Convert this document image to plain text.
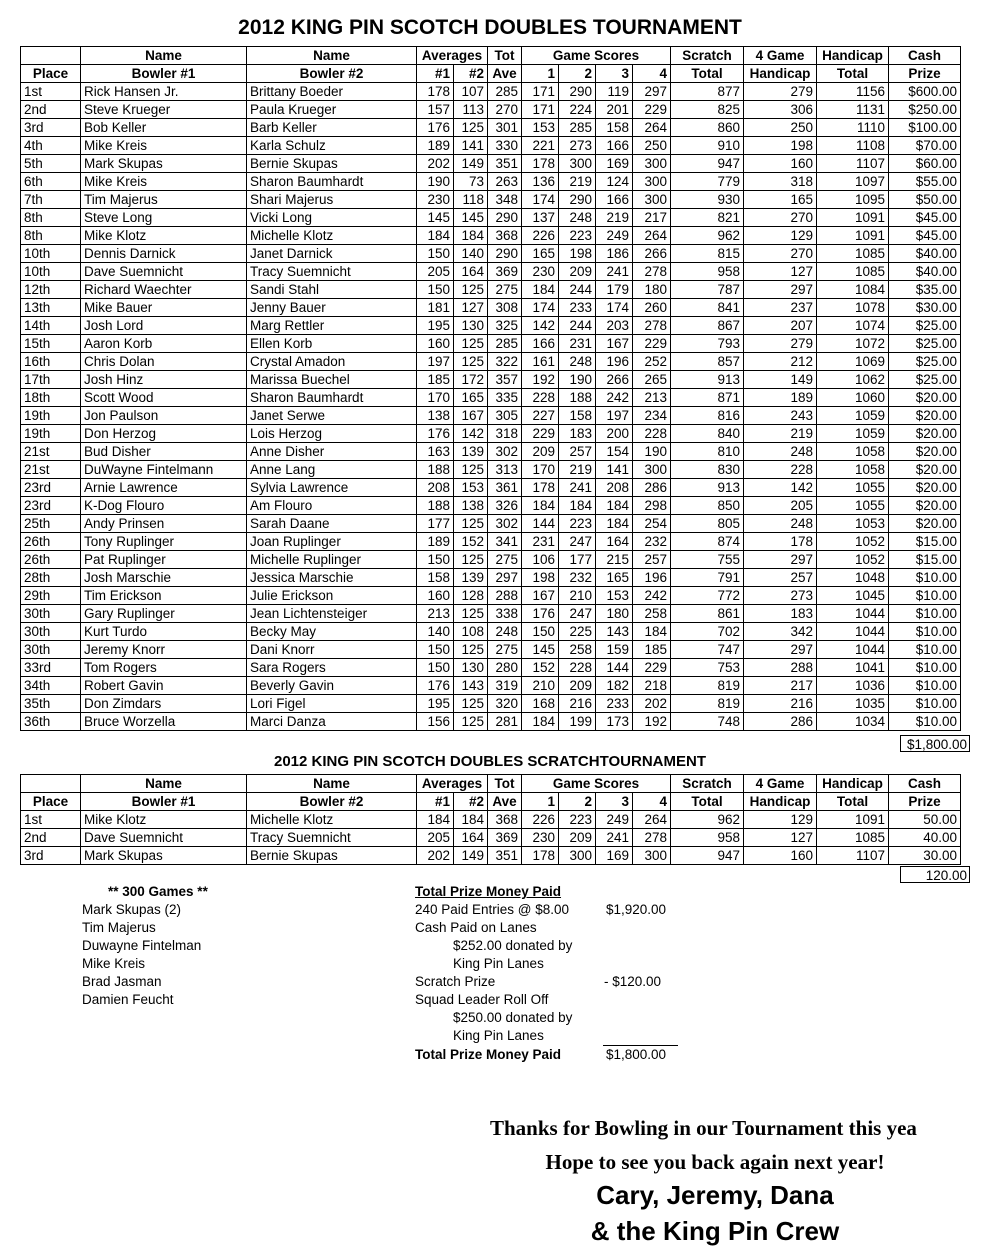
2012 KING PIN SCOTCH DOUBLES TOURNAMENT
	Name	Name	Averages		Tot	Game Scores				Scratch	4 Game	Handicap	Cash
Place	Bowler #1	Bowler #2	#1	#2	Ave	1	2	3	4	Total	Handicap	Total	Prize
1st	Rick Hansen Jr.	Brittany Boeder	178	107	285	171	290	119	297	877	279	1156	$600.00
2nd	Steve Krueger	Paula Krueger	157	113	270	171	224	201	229	825	306	1131	$250.00
3rd	Bob Keller	Barb Keller	176	125	301	153	285	158	264	860	250	1110	$100.00
4th	Mike Kreis	Karla Schulz	189	141	330	221	273	166	250	910	198	1108	$70.00
5th	Mark Skupas	Bernie Skupas	202	149	351	178	300	169	300	947	160	1107	$60.00
6th	Mike Kreis	Sharon Baumhardt	190	73	263	136	219	124	300	779	318	1097	$55.00
7th	Tim Majerus	Shari Majerus	230	118	348	174	290	166	300	930	165	1095	$50.00
8th	Steve Long	Vicki Long	145	145	290	137	248	219	217	821	270	1091	$45.00
8th	Mike Klotz	Michelle Klotz	184	184	368	226	223	249	264	962	129	1091	$45.00
10th	Dennis Darnick	Janet Darnick	150	140	290	165	198	186	266	815	270	1085	$40.00
10th	Dave Suemnicht	Tracy Suemnicht	205	164	369	230	209	241	278	958	127	1085	$40.00
12th	Richard Waechter	Sandi Stahl	150	125	275	184	244	179	180	787	297	1084	$35.00
13th	Mike Bauer	Jenny Bauer	181	127	308	174	233	174	260	841	237	1078	$30.00
14th	Josh Lord	Marg Rettler	195	130	325	142	244	203	278	867	207	1074	$25.00
15th	Aaron Korb	Ellen Korb	160	125	285	166	231	167	229	793	279	1072	$25.00
16th	Chris Dolan	Crystal Amadon	197	125	322	161	248	196	252	857	212	1069	$25.00
17th	Josh Hinz	Marissa Buechel	185	172	357	192	190	266	265	913	149	1062	$25.00
18th	Scott Wood	Sharon Baumhardt	170	165	335	228	188	242	213	871	189	1060	$20.00
19th	Jon Paulson	Janet Serwe	138	167	305	227	158	197	234	816	243	1059	$20.00
19th	Don Herzog	Lois Herzog	176	142	318	229	183	200	228	840	219	1059	$20.00
21st	Bud Disher	Anne Disher	163	139	302	209	257	154	190	810	248	1058	$20.00
21st	DuWayne Fintelmann	Anne Lang	188	125	313	170	219	141	300	830	228	1058	$20.00
23rd	Arnie Lawrence	Sylvia Lawrence	208	153	361	178	241	208	286	913	142	1055	$20.00
23rd	K-Dog Flouro	Am Flouro	188	138	326	184	184	184	298	850	205	1055	$20.00
25th	Andy Prinsen	Sarah Daane	177	125	302	144	223	184	254	805	248	1053	$20.00
26th	Tony Ruplinger	Joan Ruplinger	189	152	341	231	247	164	232	874	178	1052	$15.00
26th	Pat Ruplinger	Michelle Ruplinger	150	125	275	106	177	215	257	755	297	1052	$15.00
28th	Josh Marschie	Jessica Marschie	158	139	297	198	232	165	196	791	257	1048	$10.00
29th	Tim Erickson	Julie Erickson	160	128	288	167	210	153	242	772	273	1045	$10.00
30th	Gary Ruplinger	Jean Lichtensteiger	213	125	338	176	247	180	258	861	183	1044	$10.00
30th	Kurt Turdo	Becky May	140	108	248	150	225	143	184	702	342	1044	$10.00
30th	Jeremy Knorr	Dani Knorr	150	125	275	145	258	159	185	747	297	1044	$10.00
33rd	Tom Rogers	Sara Rogers	150	130	280	152	228	144	229	753	288	1041	$10.00
34th	Robert Gavin	Beverly Gavin	176	143	319	210	209	182	218	819	217	1036	$10.00
35th	Don Zimdars	Lori Figel	195	125	320	168	216	233	202	819	216	1035	$10.00
36th	Bruce Worzella	Marci Danza	156	125	281	184	199	173	192	748	286	1034	$10.00
$1,800.00
2012 KING PIN SCOTCH DOUBLES SCRATCHTOURNAMENT
	Name	Name	Averages		Tot	Game Scores				Scratch	4 Game	Handicap	Cash
Place	Bowler #1	Bowler #2	#1	#2	Ave	1	2	3	4	Total	Handicap	Total	Prize
1st	Mike Klotz	Michelle Klotz	184	184	368	226	223	249	264	962	129	1091	50.00
2nd	Dave Suemnicht	Tracy Suemnicht	205	164	369	230	209	241	278	958	127	1085	40.00
3rd	Mark Skupas	Bernie Skupas	202	149	351	178	300	169	300	947	160	1107	30.00
120.00
** 300 Games **
Mark Skupas (2)
Tim Majerus
Duwayne Fintelman
Mike Kreis
Brad Jasman
Damien Feucht
Total Prize Money Paid
240 Paid Entries @ $8.00	$1,920.00
Cash Paid on Lanes
$252.00 donated by
King Pin Lanes
Scratch Prize	- $120.00
Squad Leader Roll Off
$250.00 donated by
King Pin Lanes
Total Prize Money Paid	$1,800.00
Thanks for Bowling in our Tournament this yea
Hope to see you back again next year!
Cary, Jeremy, Dana
& the King Pin Crew
